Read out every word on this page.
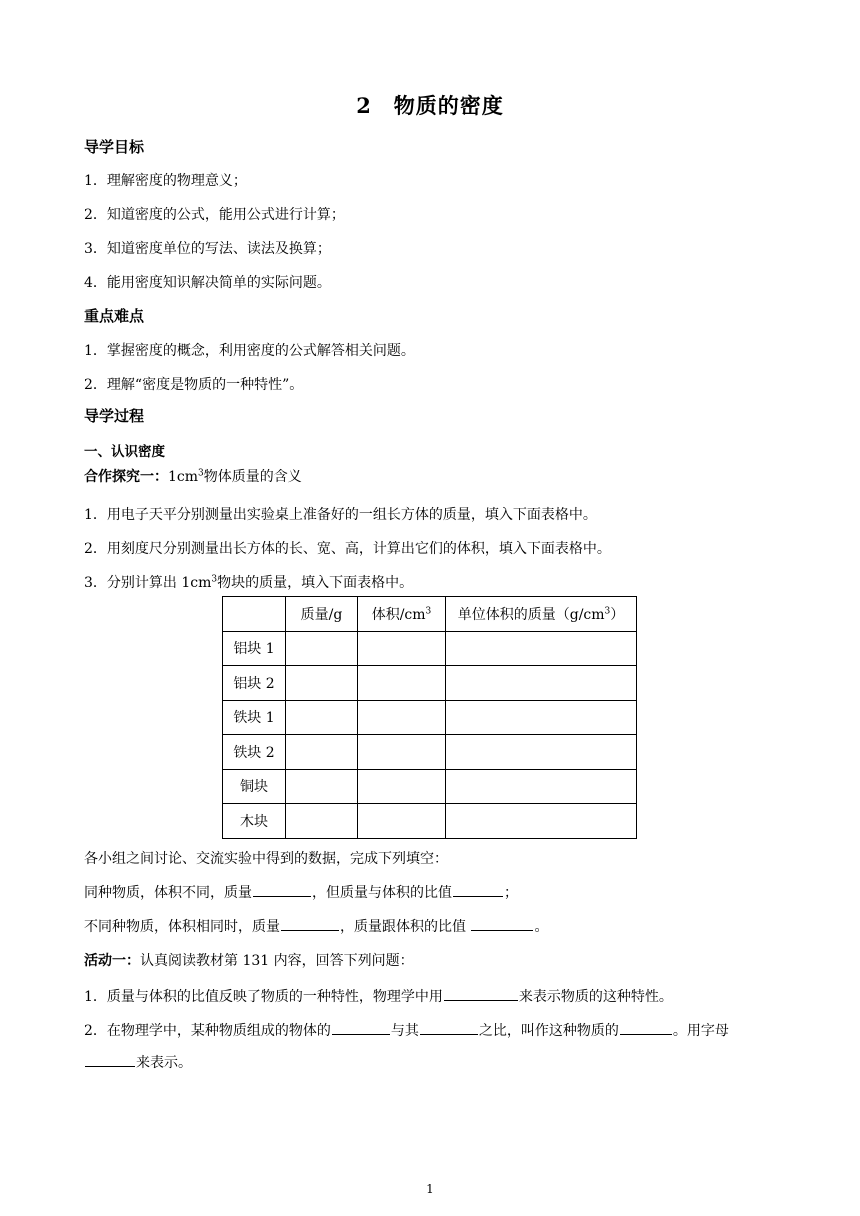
2　物质的密度
导学目标
1．理解密度的物理意义；
2．知道密度的公式，能用公式进行计算；
3．知道密度单位的写法、读法及换算；
4．能用密度知识解决简单的实际问题。
重点难点
1．掌握密度的概念，利用密度的公式解答相关问题。
2．理解“密度是物质的一种特性”。
导学过程
一、认识密度
合作探究一：$1cm^3$物体质量的含义
1．用电子天平分别测量出实验桌上准备好的一组长方体的质量，填入下面表格中。
2．用刻度尺分别测量出长方体的长、宽、高，计算出它们的体积，填入下面表格中。
3．分别计算出 $1cm^3$物块的质量，填入下面表格中。
	质量/g	体积$/cm^3$	单位体积的质量$(g/cm^3)$
铝块 1			
铝块 2			
铁块 1			
铁块 2			
铜块			
木块			
各小组之间讨论、交流实验中得到的数据，完成下列填空：
同种物质，体积不同，质量	，但质量与体积的比值	；
不同种物质，体积相同时，质量	，质量跟体积的比值	。
活动一：认真阅读教材第 131 内容，回答下列问题：
1．质量与体积的比值反映了物质的一种特性，物理学中用	来表示物质的这种特性。
2．在物理学中，某种物质组成的物体的	与其	之比，叫作这种物质的	。用字母
来表示。
1
